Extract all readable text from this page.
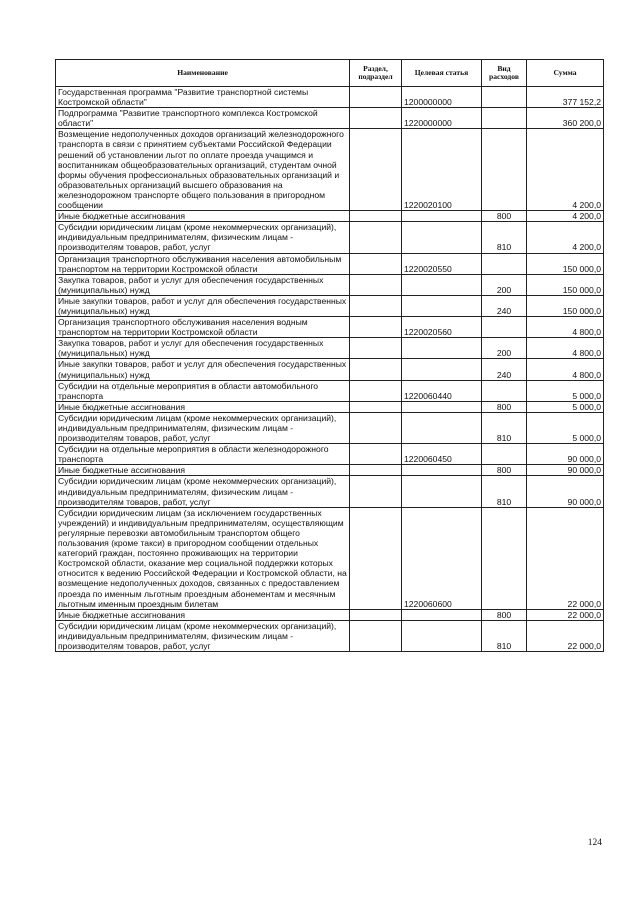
Наименование	Раздел, подраздел	Целевая статья	Вид расходов	Сумма
Государственная программа "Развитие транспортной системы Костромской области"		1200000000		377 152,2
Подпрограмма "Развитие транспортного комплекса Костромской области"		1220000000		360 200,0
Возмещение недополученных доходов организаций железнодорожного транспорта в связи с принятием субъектами Российской Федерации решений об установлении льгот по оплате проезда учащимся и воспитанникам общеобразовательных организаций, студентам очной формы обучения профессиональных образовательных организаций и образовательных организаций высшего образования на железнодорожном транспорте общего пользования в пригородном сообщении		1220020100		4 200,0
Иные бюджетные ассигнования			800	4 200,0
Субсидии юридическим лицам (кроме некоммерческих организаций), индивидуальным предпринимателям, физическим лицам - производителям товаров, работ, услуг			810	4 200,0
Организация транспортного обслуживания населения автомобильным транспортом на территории Костромской области		1220020550		150 000,0
Закупка товаров, работ и услуг для обеспечения государственных (муниципальных) нужд			200	150 000,0
Иные закупки товаров, работ и услуг для обеспечения государственных (муниципальных) нужд			240	150 000,0
Организация транспортного обслуживания населения водным транспортом на территории Костромской области		1220020560		4 800,0
Закупка товаров, работ и услуг для обеспечения государственных (муниципальных) нужд			200	4 800,0
Иные закупки товаров, работ и услуг для обеспечения государственных (муниципальных) нужд			240	4 800,0
Субсидии на отдельные мероприятия в области автомобильного транспорта		1220060440		5 000,0
Иные бюджетные ассигнования			800	5 000,0
Субсидии юридическим лицам (кроме некоммерческих организаций), индивидуальным предпринимателям, физическим лицам - производителям товаров, работ, услуг			810	5 000,0
Субсидии на отдельные мероприятия в области железнодорожного транспорта		1220060450		90 000,0
Иные бюджетные ассигнования			800	90 000,0
Субсидии юридическим лицам (кроме некоммерческих организаций), индивидуальным предпринимателям, физическим лицам - производителям товаров, работ, услуг			810	90 000,0
Субсидии юридическим лицам (за исключением государственных учреждений) и индивидуальным предпринимателям, осуществляющим регулярные перевозки автомобильным транспортом общего пользования (кроме такси) в пригородном сообщении отдельных категорий граждан, постоянно проживающих на территории Костромской области, оказание мер социальной поддержки которых относится к ведению Российской Федерации и Костромской области, на возмещение недополученных доходов, связанных с предоставлением проезда по именным льготным проездным абонементам и месячным льготным именным проездным билетам		1220060600		22 000,0
Иные бюджетные ассигнования			800	22 000,0
Субсидии юридическим лицам (кроме некоммерческих организаций), индивидуальным предпринимателям, физическим лицам - производителям товаров, работ, услуг			810	22 000,0
124
